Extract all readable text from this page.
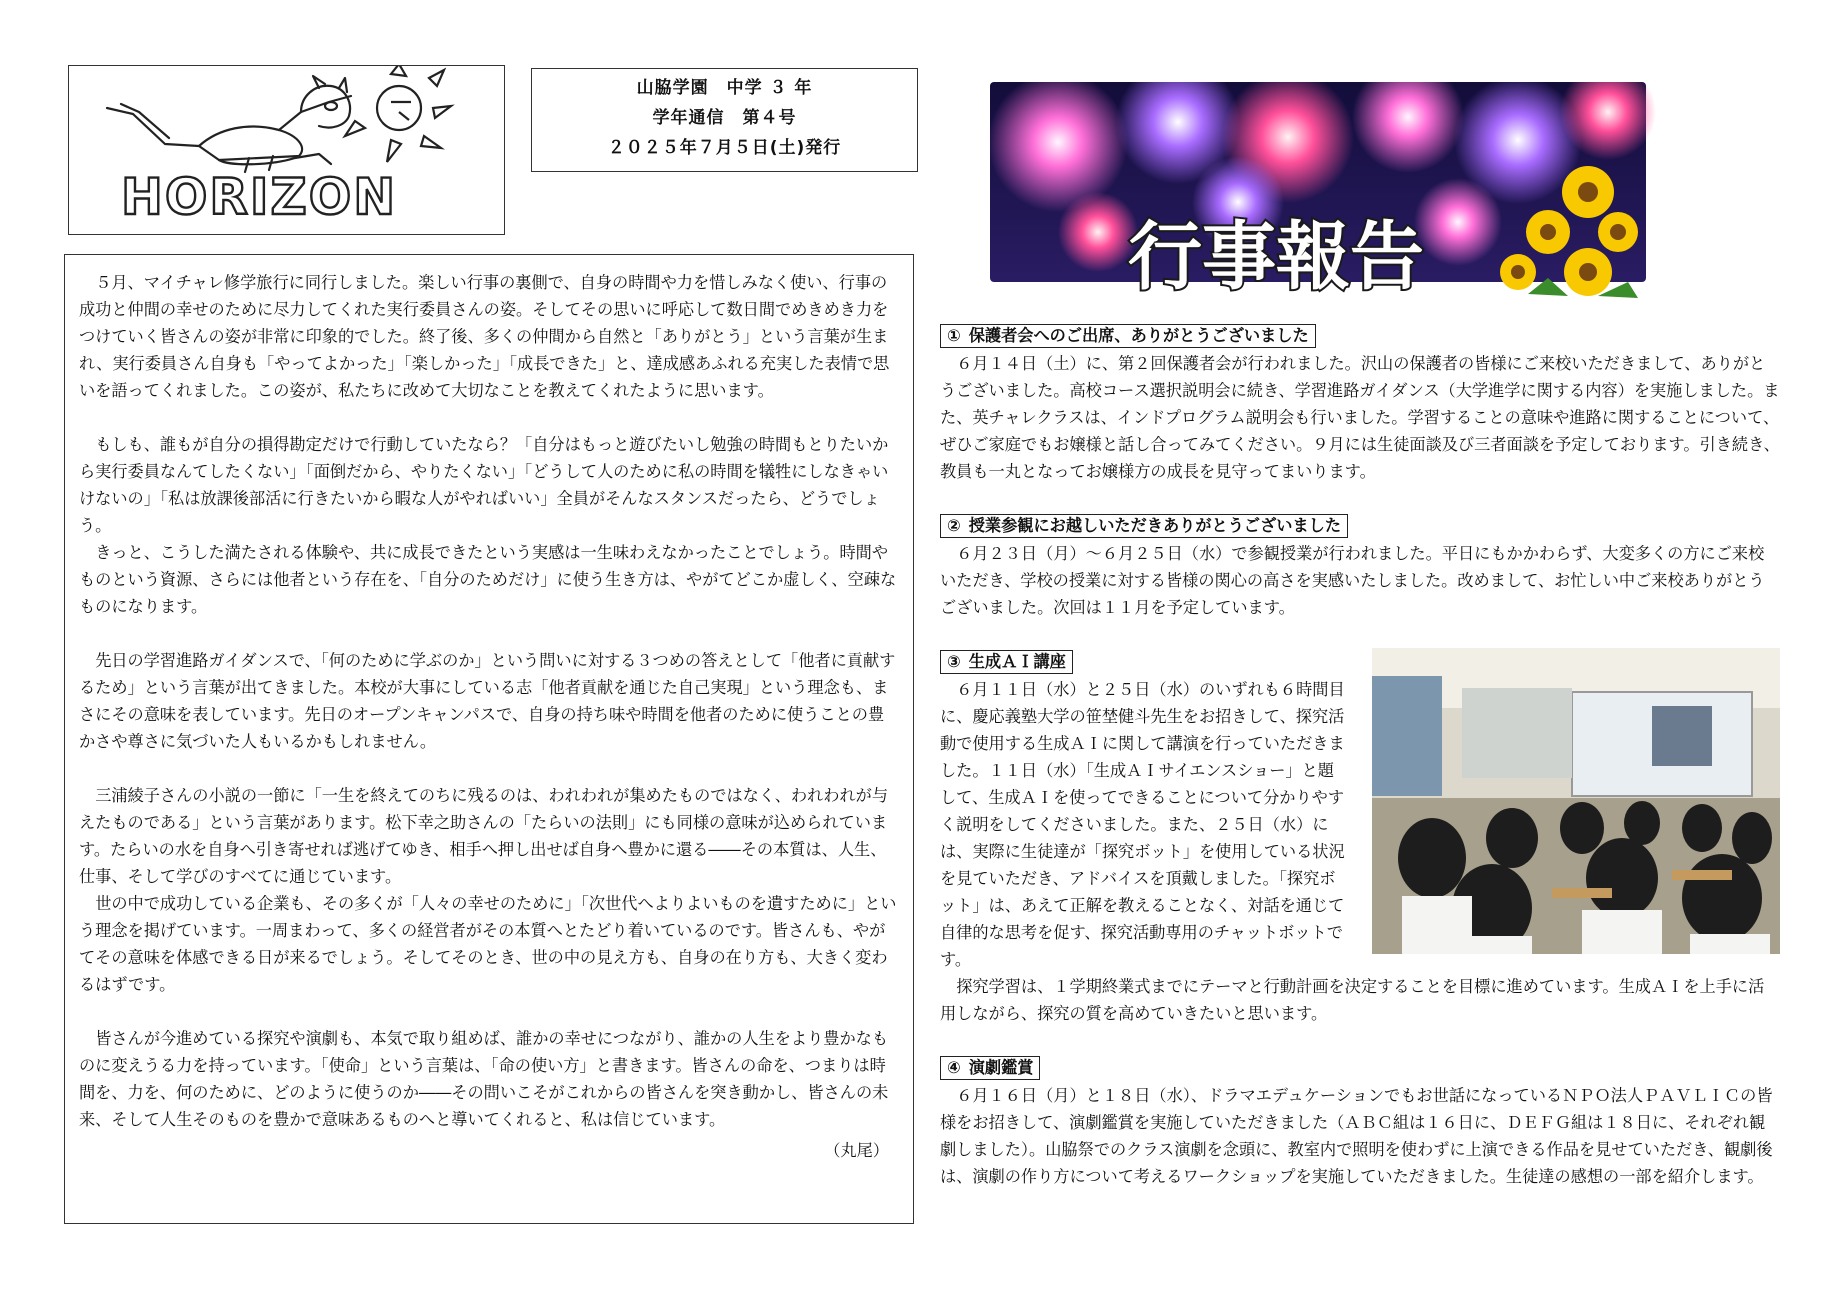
HORIZON
山脇学園　中学 ３ 年
学年通信　第４号
２０２５年７月５日(土)発行
行事報告

５月、マイチャレ修学旅行に同行しました。楽しい行事の裏側で、自身の時間や力を惜しみなく使い、行事の成功と仲間の幸せのために尽力してくれた実行委員さんの姿。そしてその思いに呼応して数日間でめきめき力をつけていく皆さんの姿が非常に印象的でした。終了後、多くの仲間から自然と「ありがとう」という言葉が生まれ、実行委員さん自身も「やってよかった」「楽しかった」「成長できた」と、達成感あふれる充実した表情で思いを語ってくれました。この姿が、私たちに改めて大切なことを教えてくれたように思います。

もしも、誰もが自分の損得勘定だけで行動していたなら？「自分はもっと遊びたいし勉強の時間もとりたいから実行委員なんてしたくない」「面倒だから、やりたくない」「どうして人のために私の時間を犠牲にしなきゃいけないの」「私は放課後部活に行きたいから暇な人がやればいい」全員がそんなスタンスだったら、どうでしょう。

きっと、こうした満たされる体験や、共に成長できたという実感は一生味わえなかったことでしょう。時間やものという資源、さらには他者という存在を、「自分のためだけ」に使う生き方は、やがてどこか虚しく、空疎なものになります。

先日の学習進路ガイダンスで、「何のために学ぶのか」という問いに対する３つめの答えとして「他者に貢献するため」という言葉が出てきました。本校が大事にしている志「他者貢献を通じた自己実現」という理念も、まさにその意味を表しています。先日のオープンキャンパスで、自身の持ち味や時間を他者のために使うことの豊かさや尊さに気づいた人もいるかもしれません。

三浦綾子さんの小説の一節に「一生を終えてのちに残るのは、われわれが集めたものではなく、われわれが与えたものである」という言葉があります。松下幸之助さんの「たらいの法則」にも同様の意味が込められています。たらいの水を自身へ引き寄せれば逃げてゆき、相手へ押し出せば自身へ豊かに還る――その本質は、人生、仕事、そして学びのすべてに通じています。

世の中で成功している企業も、その多くが「人々の幸せのために」「次世代へよりよいものを遺すために」という理念を掲げています。一周まわって、多くの経営者がその本質へとたどり着いているのです。皆さんも、やがてその意味を体感できる日が来るでしょう。そしてそのとき、世の中の見え方も、自身の在り方も、大きく変わるはずです。

皆さんが今進めている探究や演劇も、本気で取り組めば、誰かの幸せにつながり、誰かの人生をより豊かなものに変えうる力を持っています。「使命」という言葉は、「命の使い方」と書きます。皆さんの命を、つまりは時間を、力を、何のために、どのように使うのか――その問いこそがこれからの皆さんを突き動かし、皆さんの未来、そして人生そのものを豊かで意味あるものへと導いてくれると、私は信じています。

（丸尾）
① 保護者会へのご出席、ありがとうございました

６月１４日（土）に、第２回保護者会が行われました。沢山の保護者の皆様にご来校いただきまして、ありがとうございました。高校コース選択説明会に続き、学習進路ガイダンス（大学進学に関する内容）を実施しました。また、英チャレクラスは、インドプログラム説明会も行いました。学習することの意味や進路に関することについて、ぜひご家庭でもお嬢様と話し合ってみてください。９月には生徒面談及び三者面談を予定しております。引き続き、教員も一丸となってお嬢様方の成長を見守ってまいります。

② 授業参観にお越しいただきありがとうございました

６月２３日（月）～６月２５日（水）で参観授業が行われました。平日にもかかわらず、大変多くの方にご来校いただき、学校の授業に対する皆様の関心の高さを実感いたしました。改めまして、お忙しい中ご来校ありがとうございました。次回は１１月を予定しています。

③ 生成ＡＩ講座

６月１１日（水）と２５日（水）のいずれも６時間目に、慶応義塾大学の笹埜健斗先生をお招きして、探究活動で使用する生成ＡＩに関して講演を行っていただきました。１１日（水）「生成ＡＩサイエンスショー」と題して、生成ＡＩを使ってできることについて分かりやすく説明をしてくださいました。また、２５日（水）には、実際に生徒達が「探究ボット」を使用している状況を見ていただき、アドバイスを頂戴しました。「探究ボット」は、あえて正解を教えることなく、対話を通じて自律的な思考を促す、探究活動専用のチャットボットです。

探究学習は、１学期終業式までにテーマと行動計画を決定することを目標に進めています。生成ＡＩを上手に活用しながら、探究の質を高めていきたいと思います。

④ 演劇鑑賞

６月１６日（月）と１８日（水）、ドラマエデュケーションでもお世話になっているＮＰＯ法人ＰＡＶＬＩＣの皆様をお招きして、演劇鑑賞を実施していただきました（ＡＢＣ組は１６日に、ＤＥＦＧ組は１８日に、それぞれ観劇しました）。山脇祭でのクラス演劇を念頭に、教室内で照明を使わずに上演できる作品を見せていただき、観劇後は、演劇の作り方について考えるワークショップを実施していただきました。生徒達の感想の一部を紹介します。
